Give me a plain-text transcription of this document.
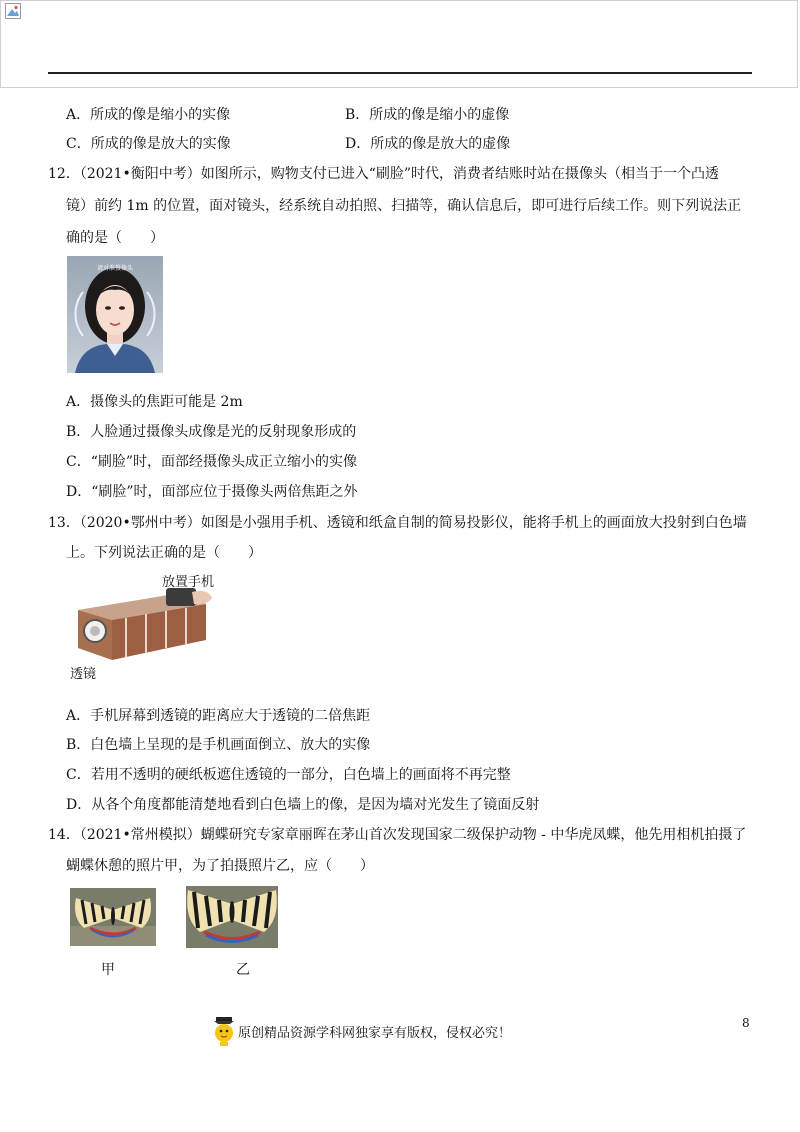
A．所成的像是缩小的实像	B．所成的像是缩小的虚像
C．所成的像是放大的实像	D．所成的像是放大的虚像
12．（2021•衡阳中考）如图所示，购物支付已进入“刷脸”时代，消费者结账时站在摄像头（相当于一个凸透
镜）前约 1m 的位置，面对镜头，经系统自动拍照、扫描等，确认信息后，即可进行后续工作。则下列说法正
确的是（　　）
请对准摄像头
A．摄像头的焦距可能是 2m
B．人脸通过摄像头成像是光的反射现象形成的
C．“刷脸”时，面部经摄像头成正立缩小的实像
D．“刷脸”时，面部应位于摄像头两倍焦距之外
13．（2020•鄂州中考）如图是小强用手机、透镜和纸盒自制的简易投影仪，能将手机上的画面放大投射到白色墙
上。下列说法正确的是（　　）
放置手机
透镜
A．手机屏幕到透镜的距离应大于透镜的二倍焦距
B．白色墙上呈现的是手机画面倒立、放大的实像
C．若用不透明的硬纸板遮住透镜的一部分，白色墙上的画面将不再完整
D．从各个角度都能清楚地看到白色墙上的像，是因为墙对光发生了镜面反射
14．（2021•常州模拟）蝴蝶研究专家章丽晖在茅山首次发现国家二级保护动物 - 中华虎凤蝶，他先用相机拍摄了
蝴蝶休憩的照片甲，为了拍摄照片乙，应（　　）
甲	乙
8
原创精品资源学科网独家享有版权，侵权必究！
